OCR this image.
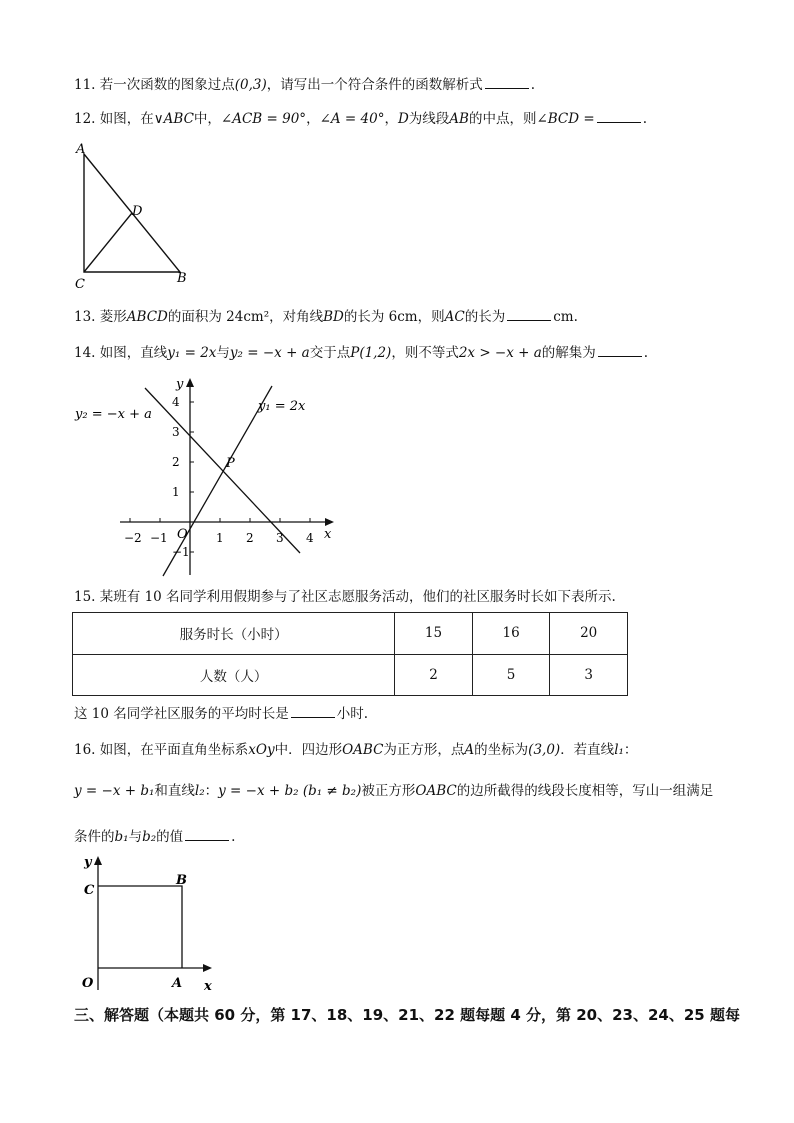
11. 若一次函数的图象过点(0,3)，请写出一个符合条件的函数解析式	.
12. 如图，在∨ABC中，∠ACB = 90°，∠A = 40°，D为线段AB的中点，则∠BCD =	.
A
D
C	B
13. 菱形ABCD的面积为 24cm²，对角线BD的长为 6cm，则AC的长为	cm.
14. 如图，直线y₁ = 2x与y₂ = −x + a交于点P(1,2)，则不等式2x > −x + a的解集为	.
−2 −1	1 2 3 4
4
3
2
1
−1
O	x
y
P
y₁ = 2x
y₂ = −x + a
15. 某班有 10 名同学利用假期参与了社区志愿服务活动，他们的社区服务时长如下表所示.
服务时长（小时）	15	16	20
人数（人）	2	5	3
这 10 名同学社区服务的平均时长是	小时.
16. 如图，在平面直角坐标系xOy中．四边形OABC为正方形，点A的坐标为(3,0)．若直线l₁：
y = −x + b₁和直线l₂：y = −x + b₂ (b₁ ≠ b₂)被正方形OABC的边所截得的线段长度相等，写山一组满足
条件的b₁与b₂的值	.
y
C
B
O	A x
三、解答题（本题共 60 分，第 17、18、19、21、22 题每题 4 分，第 20、23、24、25 题每
